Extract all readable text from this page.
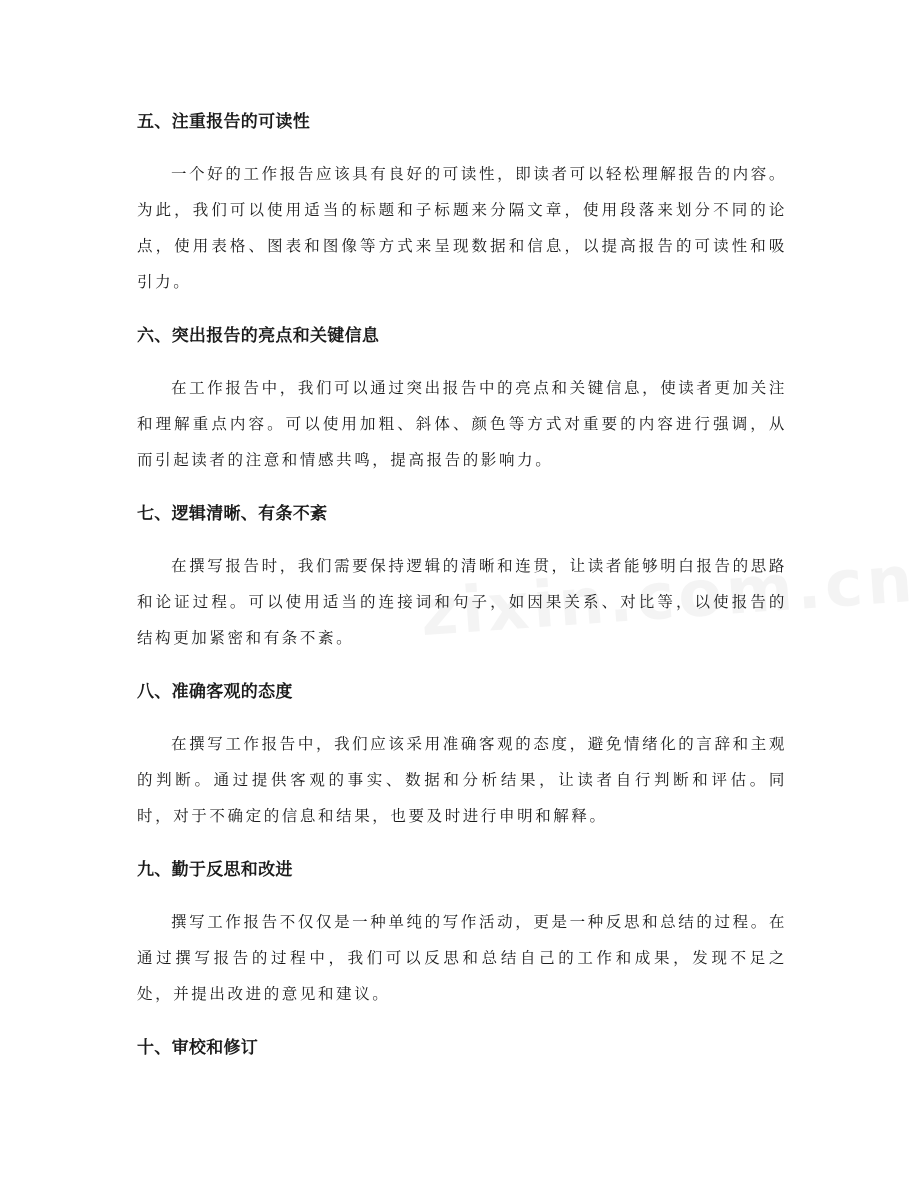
五、注重报告的可读性

一个好的工作报告应该具有良好的可读性，即读者可以轻松理解报告的内容。为此，我们可以使用适当的标题和子标题来分隔文章，使用段落来划分不同的论点，使用表格、图表和图像等方式来呈现数据和信息，以提高报告的可读性和吸引力。

六、突出报告的亮点和关键信息

在工作报告中，我们可以通过突出报告中的亮点和关键信息，使读者更加关注和理解重点内容。可以使用加粗、斜体、颜色等方式对重要的内容进行强调，从而引起读者的注意和情感共鸣，提高报告的影响力。

七、逻辑清晰、有条不紊

在撰写报告时，我们需要保持逻辑的清晰和连贯，让读者能够明白报告的思路和论证过程。可以使用适当的连接词和句子，如因果关系、对比等，以使报告的结构更加紧密和有条不紊。

八、准确客观的态度

在撰写工作报告中，我们应该采用准确客观的态度，避免情绪化的言辞和主观的判断。通过提供客观的事实、数据和分析结果，让读者自行判断和评估。同时，对于不确定的信息和结果，也要及时进行申明和解释。

九、勤于反思和改进

撰写工作报告不仅仅是一种单纯的写作活动，更是一种反思和总结的过程。在通过撰写报告的过程中，我们可以反思和总结自己的工作和成果，发现不足之处，并提出改进的意见和建议。

十、审校和修订
